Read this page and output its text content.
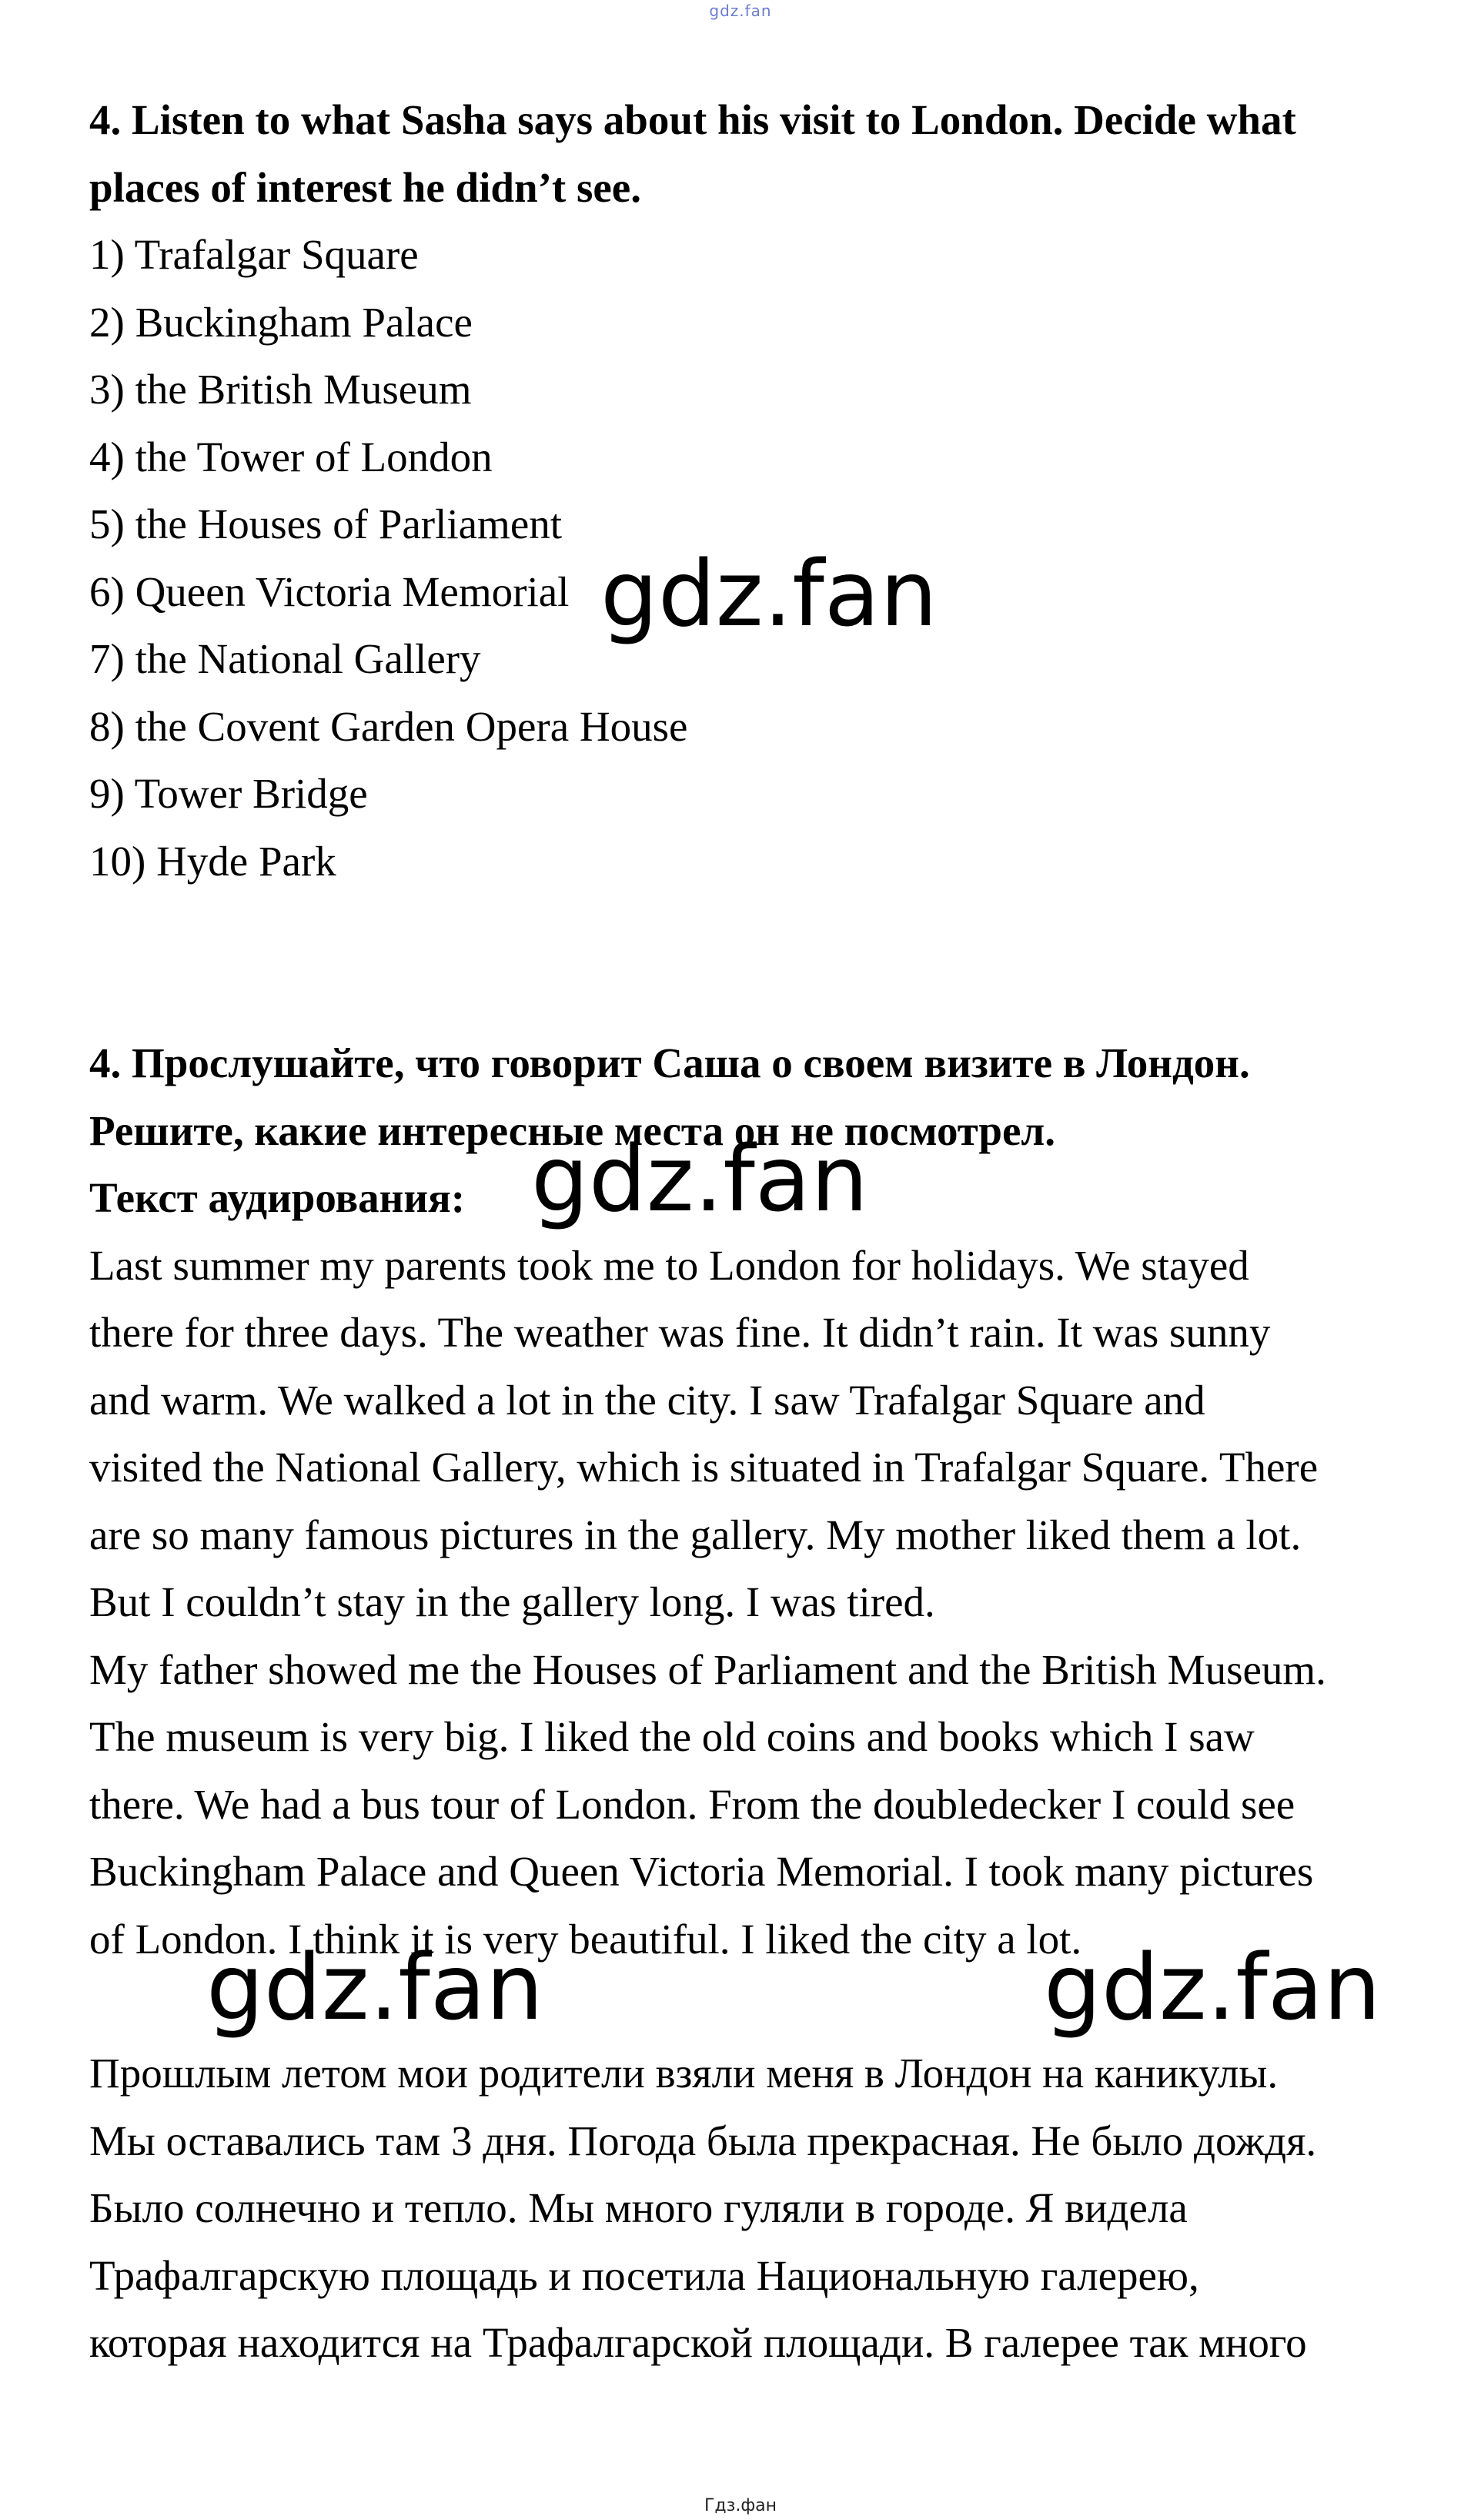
gdz.fan
4. Listen to what Sasha says about his visit to London. Decide what
places of interest he didn’t see.
1) Trafalgar Square
2) Buckingham Palace
3) the British Museum
4) the Tower of London
5) the Houses of Parliament
6) Queen Victoria Memorial
7) the National Gallery
8) the Covent Garden Opera House
9) Tower Bridge
10) Hyde Park
4. Прослушайте, что говорит Саша о своем визите в Лондон.
Решите, какие интересные места он не посмотрел.
Текст аудирования:
Last summer my parents took me to London for holidays. We stayed
there for three days. The weather was fine. It didn’t rain. It was sunny
and warm. We walked a lot in the city. I saw Trafalgar Square and
visited the National Gallery, which is situated in Trafalgar Square. There
are so many famous pictures in the gallery. My mother liked them a lot.
But I couldn’t stay in the gallery long. I was tired.
My father showed me the Houses of Parliament and the British Museum.
The museum is very big. I liked the old coins and books which I saw
there. We had a bus tour of London. From the doubledecker I could see
Buckingham Palace and Queen Victoria Memorial. I took many pictures
of London. I think it is very beautiful. I liked the city a lot.
Прошлым летом мои родители взяли меня в Лондон на каникулы.
Мы оставались там 3 дня. Погода была прекрасная. Не было дождя.
Было солнечно и тепло. Мы много гуляли в городе. Я видела
Трафалгарскую площадь и посетила Национальную галерею,
которая находится на Трафалгарской площади. В галерее так много
gdz.fan
gdz.fan
gdz.fan	gdz.fan
Гдз.фан
